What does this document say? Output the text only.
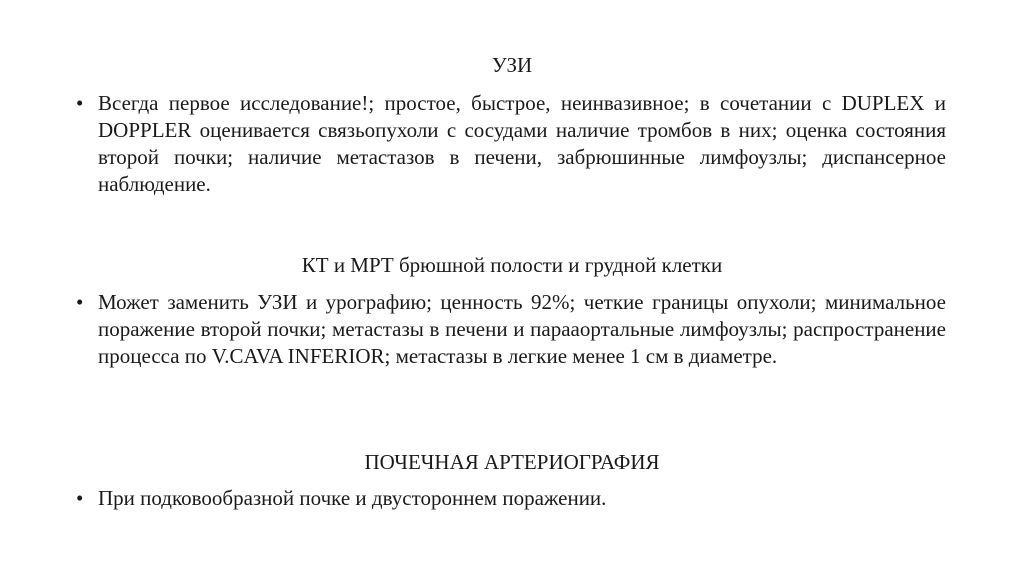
УЗИ
• Всегда первое исследование!; простое, быстрое, неинвазивное; в сочетании с DUPLEX и DOPPLER оценивается связьопухоли с сосудами наличие тромбов в них; оценка состояния второй почки; наличие метастазов в печени, забрюшинные лимфоузлы; диспансерное наблюдение.
КТ и МРТ брюшной полости и грудной клетки
• Может заменить УЗИ и урографию; ценность 92%; четкие границы опухоли; минимальное поражение второй почки; метастазы в печени и параaортальные лимфоузлы; распространение процесса по V.CAVA INFERIOR; метастазы в легкие менее 1 см в диаметре.
ПОЧЕЧНАЯ АРТЕРИОГРАФИЯ
• При подковообразной почке и двустороннем поражении.
